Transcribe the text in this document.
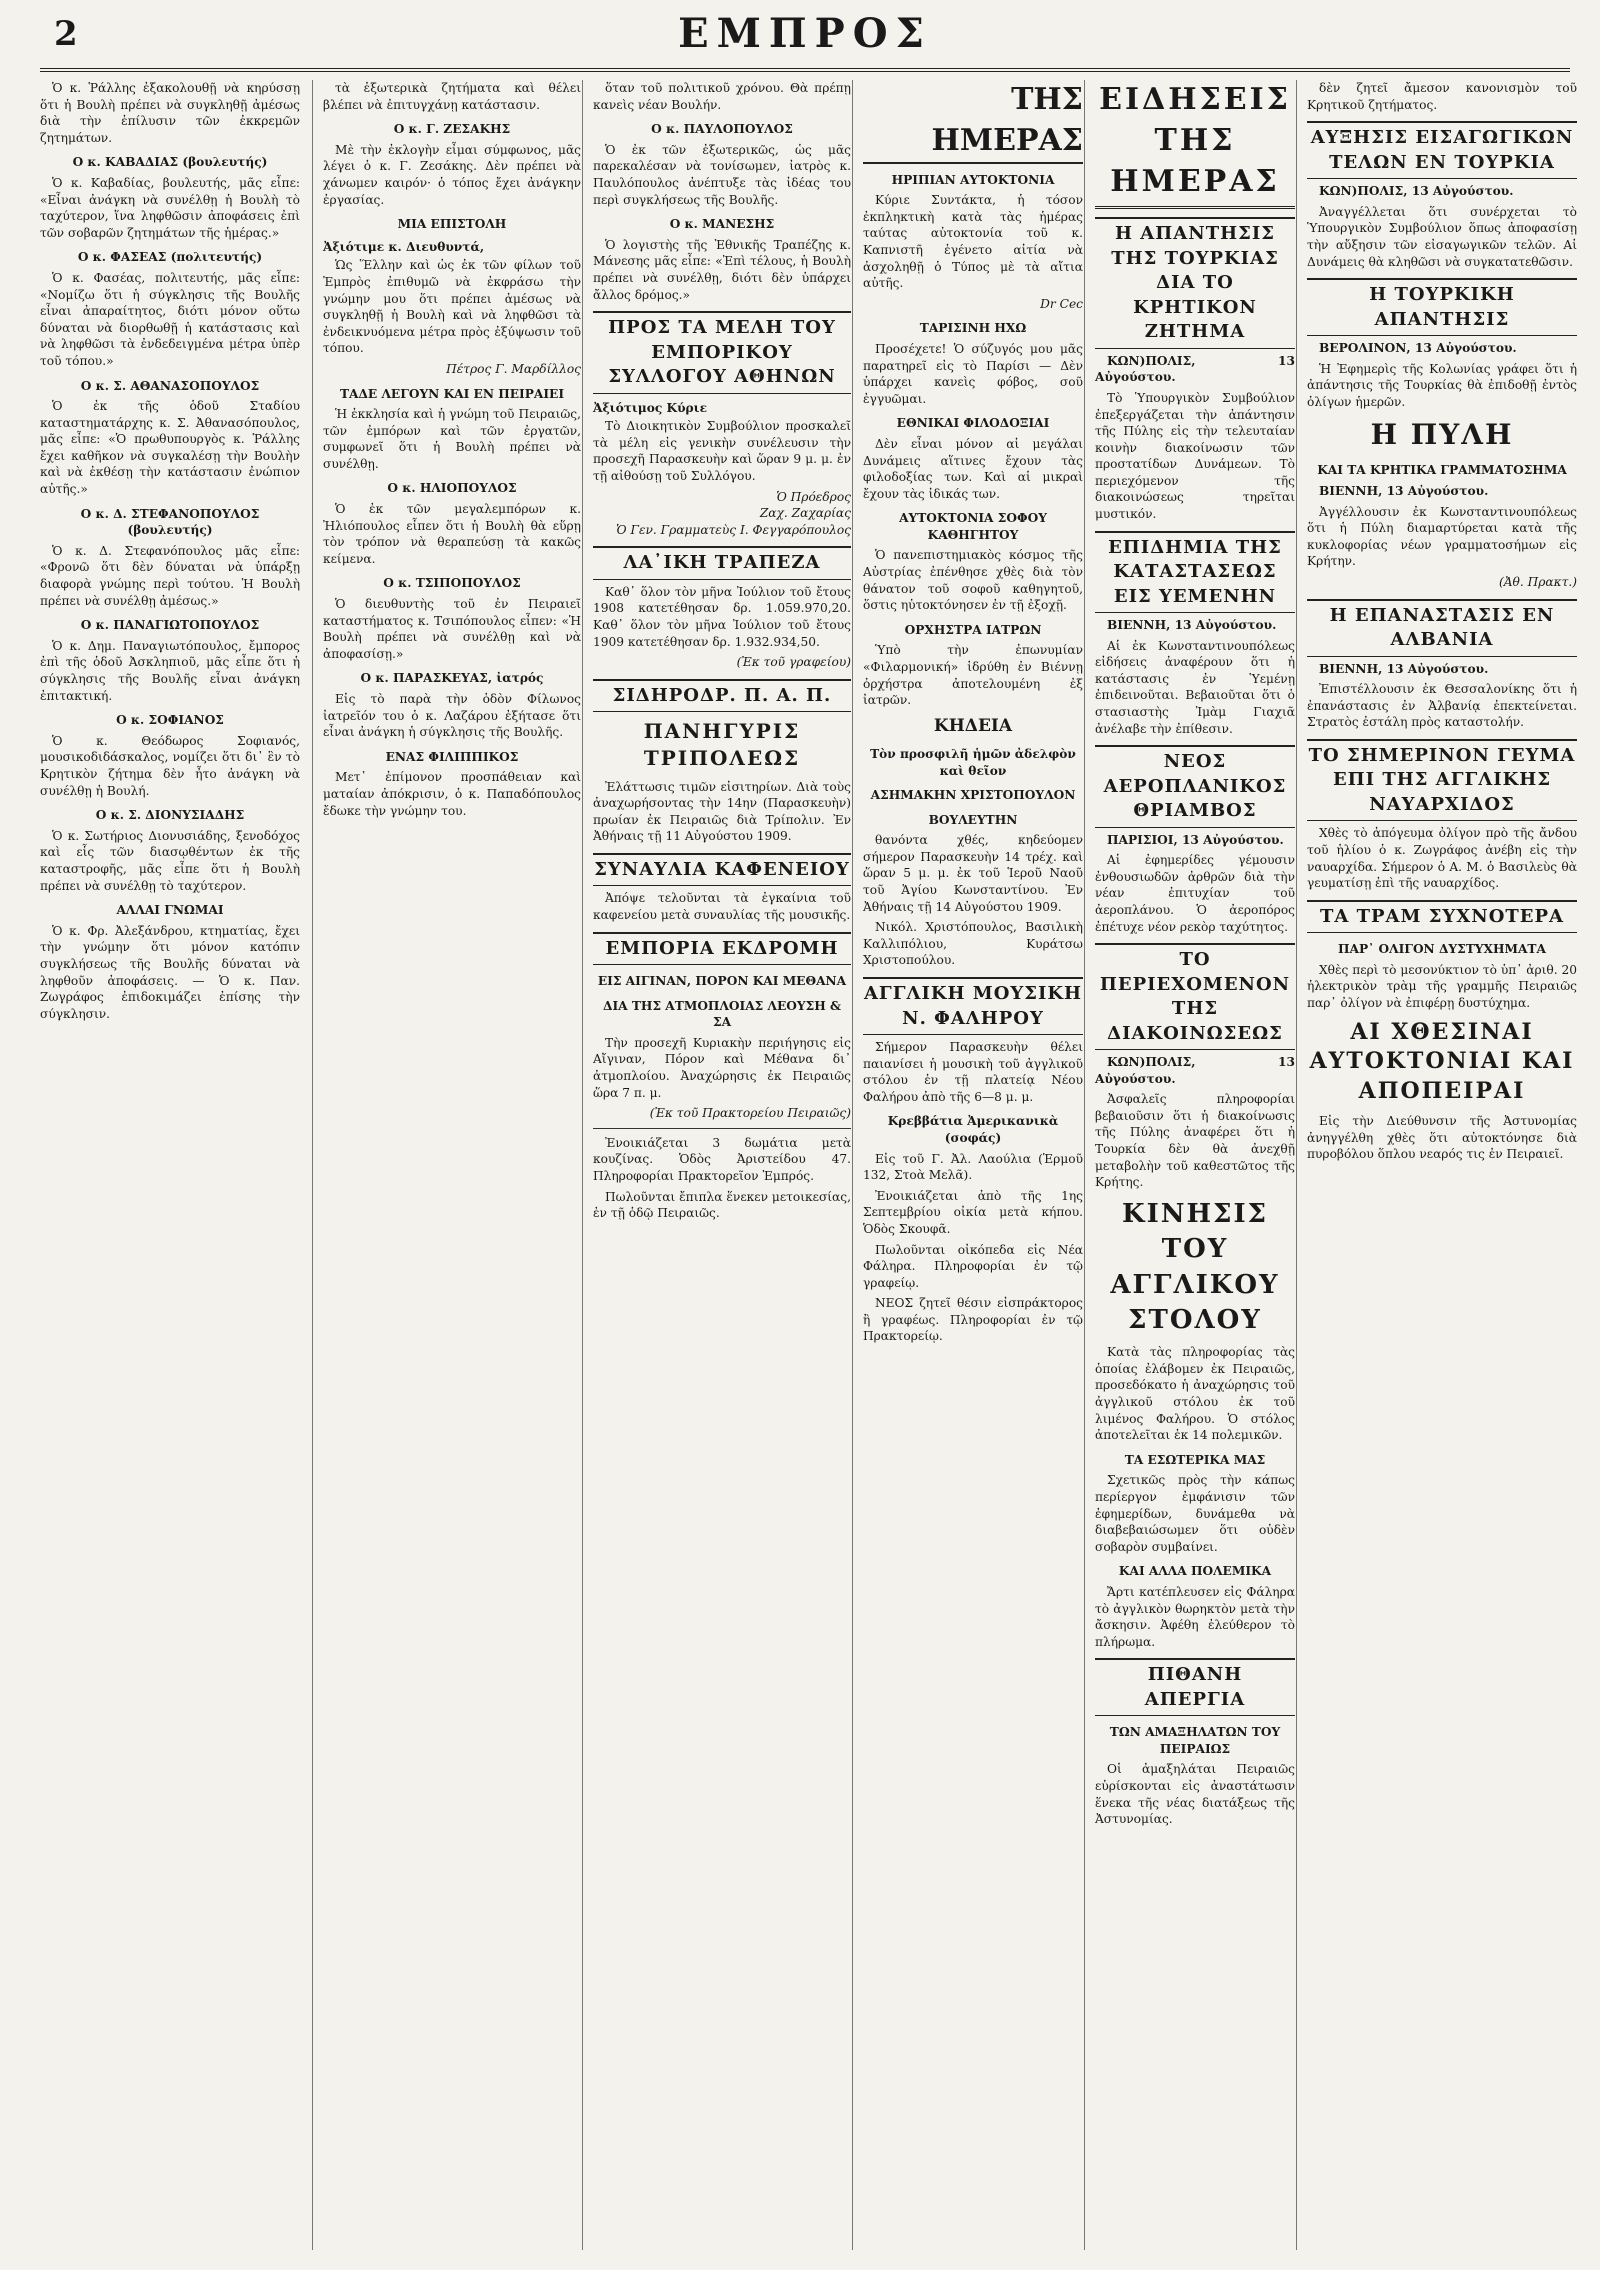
2	ΕΜΠΡΟΣ

Ὁ κ. Ῥάλλης ἐξακολουθῇ νὰ κηρύσσῃ ὅτι ἡ Βουλὴ πρέπει νὰ συγκληθῇ ἀμέσως διὰ τὴν ἐπίλυσιν τῶν ἐκκρεμῶν ζητημάτων.

Ο κ. ΚΑΒΑΔΙΑΣ (βουλευτής)

Ὁ κ. Καβαδίας, βουλευτής, μᾶς εἶπε: «Εἶναι ἀνάγκη νὰ συνέλθῃ ἡ Βουλὴ τὸ ταχύτερον, ἵνα ληφθῶσιν ἀποφάσεις ἐπὶ τῶν σοβαρῶν ζητημάτων τῆς ἡμέρας.»

Ο κ. ΦΑΣΕΑΣ (πολιτευτής)

Ὁ κ. Φασέας, πολιτευτής, μᾶς εἶπε: «Νομίζω ὅτι ἡ σύγκλησις τῆς Βουλῆς εἶναι ἀπαραίτητος, διότι μόνον οὕτω δύναται νὰ διορθωθῇ ἡ κατάστασις καὶ νὰ ληφθῶσι τὰ ἐνδεδειγμένα μέτρα ὑπὲρ τοῦ τόπου.»

Ο κ. Σ. ΑΘΑΝΑΣΟΠΟΥΛΟΣ

Ὁ ἐκ τῆς ὁδοῦ Σταδίου καταστηματάρχης κ. Σ. Ἀθανασόπουλος, μᾶς εἶπε: «Ὁ πρωθυπουργὸς κ. Ῥάλλης ἔχει καθῆκον νὰ συγκαλέσῃ τὴν Βουλὴν καὶ νὰ ἐκθέσῃ τὴν κατάστασιν ἐνώπιον αὐτῆς.»

Ο κ. Δ. ΣΤΕΦΑΝΟΠΟΥΛΟΣ (βουλευτής)

Ὁ κ. Δ. Στεφανόπουλος μᾶς εἶπε: «Φρονῶ ὅτι δὲν δύναται νὰ ὑπάρξῃ διαφορὰ γνώμης περὶ τούτου. Ἡ Βουλὴ πρέπει νὰ συνέλθῃ ἀμέσως.»

Ο κ. ΠΑΝΑΓΙΩΤΟΠΟΥΛΟΣ

Ὁ κ. Δημ. Παναγιωτόπουλος, ἔμπορος ἐπὶ τῆς ὁδοῦ Ἀσκληπιοῦ, μᾶς εἶπε ὅτι ἡ σύγκλησις τῆς Βουλῆς εἶναι ἀνάγκη ἐπιτακτική.

Ο κ. ΣΟΦΙΑΝΟΣ

Ὁ κ. Θεόδωρος Σοφιανός, μουσικοδιδάσκαλος, νομίζει ὅτι δι᾽ ἓν τὸ Κρητικὸν ζήτημα δὲν ἦτο ἀνάγκη νὰ συνέλθῃ ἡ Βουλή.

Ο κ. Σ. ΔΙΟΝΥΣΙΑΔΗΣ

Ὁ κ. Σωτήριος Διονυσιάδης, ξενοδόχος καὶ εἷς τῶν διασῳθέντων ἐκ τῆς καταστροφῆς, μᾶς εἶπε ὅτι ἡ Βουλὴ πρέπει νὰ συνέλθῃ τὸ ταχύτερον.

ΑΛΛΑΙ ΓΝΩΜΑΙ

Ὁ κ. Φρ. Ἀλεξάνδρου, κτηματίας, ἔχει τὴν γνώμην ὅτι μόνον κατόπιν συγκλήσεως τῆς Βουλῆς δύναται νὰ ληφθοῦν ἀποφάσεις. — Ὁ κ. Παν. Ζωγράφος ἐπιδοκιμάζει ἐπίσης τὴν σύγκλησιν.

τὰ ἐξωτερικὰ ζητήματα καὶ θέλει βλέπει νὰ ἐπιτυγχάνῃ κατάστασιν.

Ο κ. Γ. ΖΕΣΑΚΗΣ

Μὲ τὴν ἐκλογὴν εἶμαι σύμφωνος, μᾶς λέγει ὁ κ. Γ. Ζεσάκης. Δὲν πρέπει νὰ χάνωμεν καιρόν· ὁ τόπος ἔχει ἀνάγκην ἐργασίας.

ΜΙΑ ΕΠΙΣΤΟΛΗ

Ἀξιότιμε κ. Διευθυντά,

Ὡς Ἕλλην καὶ ὡς ἐκ τῶν φίλων τοῦ Ἐμπρὸς ἐπιθυμῶ νὰ ἐκφράσω τὴν γνώμην μου ὅτι πρέπει ἀμέσως νὰ συγκληθῇ ἡ Βουλὴ καὶ νὰ ληφθῶσι τὰ ἐνδεικνυόμενα μέτρα πρὸς ἐξύψωσιν τοῦ τόπου.

Πέτρος Γ. Μαρδίλλος
ΤΑΔΕ ΛΕΓΟΥΝ ΚΑΙ ΕΝ ΠΕΙΡΑΙΕΙ

Ἡ ἐκκλησία καὶ ἡ γνώμη τοῦ Πειραιῶς, τῶν ἐμπόρων καὶ τῶν ἐργατῶν, συμφωνεῖ ὅτι ἡ Βουλὴ πρέπει νὰ συνέλθῃ.

Ο κ. ΗΛΙΟΠΟΥΛΟΣ

Ὁ ἐκ τῶν μεγαλεμπόρων κ. Ἠλιόπουλος εἶπεν ὅτι ἡ Βουλὴ θὰ εὕρῃ τὸν τρόπον νὰ θεραπεύσῃ τὰ κακῶς κείμενα.

Ο κ. ΤΣΙΠΟΠΟΥΛΟΣ

Ὁ διευθυντὴς τοῦ ἐν Πειραιεῖ καταστήματος κ. Τσιπόπουλος εἶπεν: «Ἡ Βουλὴ πρέπει νὰ συνέλθῃ καὶ νὰ ἀποφασίσῃ.»

Ο κ. ΠΑΡΑΣΚΕΥΑΣ, ἰατρός

Εἰς τὸ παρὰ τὴν ὁδὸν Φίλωνος ἰατρεῖόν του ὁ κ. Λαζάρου ἐξήτασε ὅτι εἶναι ἀνάγκη ἡ σύγκλησις τῆς Βουλῆς.

ΕΝΑΣ ΦΙΛΙΠΠΙΚΟΣ

Μετ᾽ ἐπίμονον προσπάθειαν καὶ ματαίαν ἀπόκρισιν, ὁ κ. Παπαδόπουλος ἔδωκε τὴν γνώμην του.

ὅταν τοῦ πολιτικοῦ χρόνου. Θὰ πρέπῃ κανεὶς νέαν Βουλήν.

Ο κ. ΠΑΥΛΟΠΟΥΛΟΣ

Ὁ ἐκ τῶν ἐξωτερικῶς, ὡς μᾶς παρεκαλέσαν νὰ τονίσωμεν, ἰατρὸς κ. Παυλόπουλος ἀνέπτυξε τὰς ἰδέας του περὶ συγκλήσεως τῆς Βουλῆς.

Ο κ. ΜΑΝΕΣΗΣ

Ὁ λογιστὴς τῆς Ἐθνικῆς Τραπέζης κ. Μάνεσης μᾶς εἶπε: «Ἐπὶ τέλους, ἡ Βουλὴ πρέπει νὰ συνέλθῃ, διότι δὲν ὑπάρχει ἄλλος δρόμος.»

ΠΡΟΣ ΤΑ ΜΕΛΗ ΤΟΥ ΕΜΠΟΡΙΚΟΥ ΣΥΛΛΟΓΟΥ ΑΘΗΝΩΝ

Ἀξιότιμος Κύριε

Τὸ Διοικητικὸν Συμβούλιον προσκαλεῖ τὰ μέλη εἰς γενικὴν συνέλευσιν τὴν προσεχῆ Παρασκευὴν καὶ ὥραν 9 μ. μ. ἐν τῇ αἰθούσῃ τοῦ Συλλόγου.

Ὁ Πρόεδρος
Ζαχ. Ζαχαρίας
Ὁ Γεν. Γραμματεὺς Ι. Φεγγαρόπουλος
ΛΑ᾽ΙΚΗ ΤΡΑΠΕΖΑ

Καθ᾽ ὅλον τὸν μῆνα Ἰούλιον τοῦ ἔτους 1908 κατετέθησαν δρ. 1.059.970,20. Καθ᾽ ὅλον τὸν μῆνα Ἰούλιον τοῦ ἔτους 1909 κατετέθησαν δρ. 1.932.934,50.

(Ἐκ τοῦ γραφείου)
ΣΙΔΗΡΟΔΡ. Π. Α. Π.
ΠΑΝΗΓΥΡΙΣ ΤΡΙΠΟΛΕΩΣ

Ἐλάττωσις τιμῶν εἰσιτηρίων. Διὰ τοὺς ἀναχωρήσοντας τὴν 14ην (Παρασκευὴν) πρωίαν ἐκ Πειραιῶς διὰ Τρίπολιν. Ἐν Ἀθήναις τῇ 11 Αὐγούστου 1909.

ΣΥΝΑΥΛΙΑ ΚΑΦΕΝΕΙΟΥ

Ἀπόψε τελοῦνται τὰ ἐγκαίνια τοῦ καφενείου μετὰ συναυλίας τῆς μουσικῆς.

ΕΜΠΟΡΙΑ ΕΚΔΡΟΜΗ
ΕΙΣ ΑΙΓΙΝΑΝ, ΠΟΡΟΝ ΚΑΙ ΜΕΘΑΝΑ
ΔΙΑ ΤΗΣ ΑΤΜΟΠΛΟΙΑΣ ΛΕΟΥΣΗ & ΣΑ

Τὴν προσεχῆ Κυριακὴν περιήγησις εἰς Αἴγιναν, Πόρον καὶ Μέθανα δι᾽ ἀτμοπλοίου. Ἀναχώρησις ἐκ Πειραιῶς ὥρα 7 π. μ.

(Ἐκ τοῦ Πρακτορείου Πειραιῶς)

Ἐνοικιάζεται 3 δωμάτια μετὰ κουζίνας. Ὁδὸς Ἀριστείδου 47. Πληροφορίαι Πρακτορεῖον Ἐμπρός.

Πωλοῦνται ἔπιπλα ἕνεκεν μετοικεσίας, ἐν τῇ ὁδῷ Πειραιῶς.

ΤΗΣ ΗΜΕΡΑΣ
ΗΡΙΠΙΑΝ ΑΥΤΟΚΤΟΝΙΑ

Κύριε Συντάκτα, ἡ τόσον ἐκπληκτικὴ κατὰ τὰς ἡμέρας ταύτας αὐτοκτονία τοῦ κ. Καπνιστῆ ἐγένετο αἰτία νὰ ἀσχοληθῇ ὁ Τύπος μὲ τὰ αἴτια αὐτῆς.

Dr Cec
ΤΑΡΙΣΙΝΗ ΗΧΩ

Προσέχετε! Ὁ σύζυγός μου μᾶς παρατηρεῖ εἰς τὸ Παρίσι — Δὲν ὑπάρχει κανεὶς φόβος, σοῦ ἐγγυῶμαι.

ΕΘΝΙΚΑΙ ΦΙΛΟΔΟΞΙΑΙ

Δὲν εἶναι μόνον αἱ μεγάλαι Δυνάμεις αἵτινες ἔχουν τὰς φιλοδοξίας των. Καὶ αἱ μικραὶ ἔχουν τὰς ἰδικάς των.

ΑΥΤΟΚΤΟΝΙΑ ΣΟΦΟΥ ΚΑΘΗΓΗΤΟΥ

Ὁ πανεπιστημιακὸς κόσμος τῆς Αὐστρίας ἐπένθησε χθὲς διὰ τὸν θάνατον τοῦ σοφοῦ καθηγητοῦ, ὅστις ηὐτοκτόνησεν ἐν τῇ ἐξοχῇ.

ΟΡΧΗΣΤΡΑ ΙΑΤΡΩΝ

Ὑπὸ τὴν ἐπωνυμίαν «Φιλαρμονική» ἱδρύθη ἐν Βιέννῃ ὀρχήστρα ἀποτελουμένη ἐξ ἰατρῶν.

ΚΗΔΕΙΑ
Τὸν προσφιλῆ ἡμῶν ἀδελφὸν καὶ θεῖον
ΑΣΗΜΑΚΗΝ ΧΡΙΣΤΟΠΟΥΛΟΝ
ΒΟΥΛΕΥΤΗΝ

θανόντα χθές, κηδεύομεν σήμερον Παρασκευὴν 14 τρέχ. καὶ ὥραν 5 μ. μ. ἐκ τοῦ Ἱεροῦ Ναοῦ τοῦ Ἁγίου Κωνσταντίνου. Ἐν Ἀθήναις τῇ 14 Αὐγούστου 1909.

Νικόλ. Χριστόπουλος, Βασιλικὴ Καλλιπόλιου, Κυράτσω Χριστοπούλου.

ΑΓΓΛΙΚΗ ΜΟΥΣΙΚΗ Ν. ΦΑΛΗΡΟΥ

Σήμερον Παρασκευὴν θέλει παιανίσει ἡ μουσικὴ τοῦ ἀγγλικοῦ στόλου ἐν τῇ πλατείᾳ Νέου Φαλήρου ἀπὸ τῆς 6—8 μ. μ.

Κρεββάτια Ἀμερικανικὰ (σοφάς)

Εἰς τοῦ Γ. Ἀλ. Λαούλια (Ἑρμοῦ 132, Στοὰ Μελᾶ).

Ἐνοικιάζεται ἀπὸ τῆς 1ης Σεπτεμβρίου οἰκία μετὰ κήπου. Ὁδὸς Σκουφᾶ.

Πωλοῦνται οἰκόπεδα εἰς Νέα Φάληρα. Πληροφορίαι ἐν τῷ γραφείῳ.

ΝΕΟΣ ζητεῖ θέσιν εἰσπράκτορος ἢ γραφέως. Πληροφορίαι ἐν τῷ Πρακτορείῳ.

ΕΙΔΗΣΕΙΣ ΤΗΣ ΗΜΕΡΑΣ
Η ΑΠΑΝΤΗΣΙΣ ΤΗΣ ΤΟΥΡΚΙΑΣ ΔΙΑ ΤΟ ΚΡΗΤΙΚΟΝ ΖΗΤΗΜΑ

ΚΩΝ)ΠΟΛΙΣ, 13 Αὐγούστου.

Τὸ Ὑπουργικὸν Συμβούλιον ἐπεξεργάζεται τὴν ἀπάντησιν τῆς Πύλης εἰς τὴν τελευταίαν κοινὴν διακοίνωσιν τῶν προστατίδων Δυνάμεων. Τὸ περιεχόμενον τῆς διακοινώσεως τηρεῖται μυστικόν.

ΕΠΙΔΗΜΙΑ ΤΗΣ ΚΑΤΑΣΤΑΣΕΩΣ ΕΙΣ ΥΕΜΕΝΗΝ

ΒΙΕΝΝΗ, 13 Αὐγούστου.

Αἱ ἐκ Κωνσταντινουπόλεως εἰδήσεις ἀναφέρουν ὅτι ἡ κατάστασις ἐν Ὑεμένῃ ἐπιδεινοῦται. Βεβαιοῦται ὅτι ὁ στασιαστὴς Ἰμὰμ Γιαχιᾶ ἀνέλαβε τὴν ἐπίθεσιν.

ΝΕΟΣ ΑΕΡΟΠΛΑΝΙΚΟΣ ΘΡΙΑΜΒΟΣ

ΠΑΡΙΣΙΟΙ, 13 Αὐγούστου.

Αἱ ἐφημερίδες γέμουσιν ἐνθουσιωδῶν ἀρθρῶν διὰ τὴν νέαν ἐπιτυχίαν τοῦ ἀεροπλάνου. Ὁ ἀεροπόρος ἐπέτυχε νέον ρεκὸρ ταχύτητος.

ΤΟ ΠΕΡΙΕΧΟΜΕΝΟΝ ΤΗΣ ΔΙΑΚΟΙΝΩΣΕΩΣ

ΚΩΝ)ΠΟΛΙΣ, 13 Αὐγούστου.

Ἀσφαλεῖς πληροφορίαι βεβαιοῦσιν ὅτι ἡ διακοίνωσις τῆς Πύλης ἀναφέρει ὅτι ἡ Τουρκία δὲν θὰ ἀνεχθῇ μεταβολὴν τοῦ καθεστῶτος τῆς Κρήτης.

ΚΙΝΗΣΙΣ ΤΟΥ ΑΓΓΛΙΚΟΥ ΣΤΟΛΟΥ

Κατὰ τὰς πληροφορίας τὰς ὁποίας ἐλάβομεν ἐκ Πειραιῶς, προσεδόκατο ἡ ἀναχώρησις τοῦ ἀγγλικοῦ στόλου ἐκ τοῦ λιμένος Φαλήρου. Ὁ στόλος ἀποτελεῖται ἐκ 14 πολεμικῶν.

ΤΑ ΕΣΩΤΕΡΙΚΑ ΜΑΣ

Σχετικῶς πρὸς τὴν κάπως περίεργον ἐμφάνισιν τῶν ἐφημερίδων, δυνάμεθα νὰ διαβεβαιώσωμεν ὅτι οὐδὲν σοβαρὸν συμβαίνει.

ΚΑΙ ΑΛΛΑ ΠΟΛΕΜΙΚΑ

Ἄρτι κατέπλευσεν εἰς Φάληρα τὸ ἀγγλικὸν θωρηκτὸν μετὰ τὴν ἄσκησιν. Ἀφέθη ἐλεύθερον τὸ πλήρωμα.

ΠΙΘΑΝΗ ΑΠΕΡΓΙΑ
ΤΩΝ ΑΜΑΞΗΛΑΤΩΝ ΤΟΥ ΠΕΙΡΑΙΩΣ

Οἱ ἀμαξηλάται Πειραιῶς εὑρίσκονται εἰς ἀναστάτωσιν ἕνεκα τῆς νέας διατάξεως τῆς Ἀστυνομίας.

δὲν ζητεῖ ἄμεσον κανονισμὸν τοῦ Κρητικοῦ ζητήματος.

ΑΥΞΗΣΙΣ ΕΙΣΑΓΩΓΙΚΩΝ ΤΕΛΩΝ ΕΝ ΤΟΥΡΚΙΑ

ΚΩΝ)ΠΟΛΙΣ, 13 Αὐγούστου.

Ἀναγγέλλεται ὅτι συνέρχεται τὸ Ὑπουργικὸν Συμβούλιον ὅπως ἀποφασίσῃ τὴν αὔξησιν τῶν εἰσαγωγικῶν τελῶν. Αἱ Δυνάμεις θὰ κληθῶσι νὰ συγκατατεθῶσιν.

Η ΤΟΥΡΚΙΚΗ ΑΠΑΝΤΗΣΙΣ

ΒΕΡΟΛΙΝΟΝ, 13 Αὐγούστου.

Ἡ Ἐφημερὶς τῆς Κολωνίας γράφει ὅτι ἡ ἀπάντησις τῆς Τουρκίας θὰ ἐπιδοθῇ ἐντὸς ὀλίγων ἡμερῶν.

Η ΠΥΛΗ
ΚΑΙ ΤΑ ΚΡΗΤΙΚΑ ΓΡΑΜΜΑΤΟΣΗΜΑ

ΒΙΕΝΝΗ, 13 Αὐγούστου.

Ἀγγέλλουσιν ἐκ Κωνσταντινουπόλεως ὅτι ἡ Πύλη διαμαρτύρεται κατὰ τῆς κυκλοφορίας νέων γραμματοσήμων εἰς Κρήτην.

(Ἀθ. Πρακτ.)
Η ΕΠΑΝΑΣΤΑΣΙΣ ΕΝ ΑΛΒΑΝΙΑ

ΒΙΕΝΝΗ, 13 Αὐγούστου.

Ἐπιστέλλουσιν ἐκ Θεσσαλονίκης ὅτι ἡ ἐπανάστασις ἐν Ἀλβανίᾳ ἐπεκτείνεται. Στρατὸς ἐστάλη πρὸς καταστολήν.

ΤΟ ΣΗΜΕΡΙΝΟΝ ΓΕΥΜΑ ΕΠΙ ΤΗΣ ΑΓΓΛΙΚΗΣ ΝΑΥΑΡΧΙΔΟΣ

Χθὲς τὸ ἀπόγευμα ὀλίγον πρὸ τῆς ἄνδου τοῦ ἡλίου ὁ κ. Ζωγράφος ἀνέβη εἰς τὴν ναυαρχίδα. Σήμερον ὁ Α. Μ. ὁ Βασιλεὺς θὰ γευματίσῃ ἐπὶ τῆς ναυαρχίδος.

ΤΑ ΤΡΑΜ ΣΥΧΝΟΤΕΡΑ
ΠΑΡ᾽ ΟΛΙΓΟΝ ΔΥΣΤΥΧΗΜΑΤΑ

Χθὲς περὶ τὸ μεσονύκτιον τὸ ὑπ᾽ ἀριθ. 20 ἠλεκτρικὸν τρὰμ τῆς γραμμῆς Πειραιῶς παρ᾽ ὀλίγον νὰ ἐπιφέρῃ δυστύχημα.

ΑΙ ΧΘΕΣΙΝΑΙ ΑΥΤΟΚΤΟΝΙΑΙ ΚΑΙ ΑΠΟΠΕΙΡΑΙ

Εἰς τὴν Διεύθυνσιν τῆς Ἀστυνομίας ἀνηγγέλθη χθὲς ὅτι αὐτοκτόνησε διὰ πυροβόλου ὅπλου νεαρός τις ἐν Πειραιεῖ.
